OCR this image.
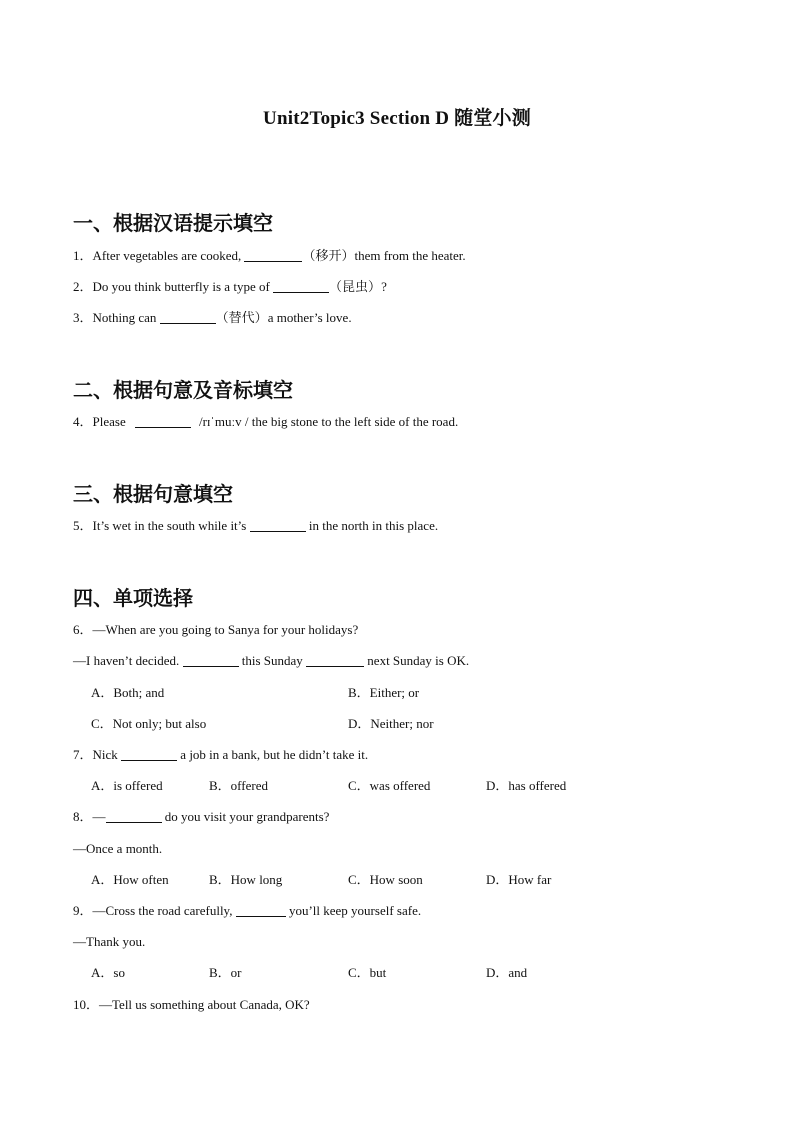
Unit2Topic3 Section D 随堂小测
一、根据汉语提示填空
1．After vegetables are cooked,	（移开）them from the heater.
2．Do you think butterfly is a type of	（昆虫）?
3．Nothing can	（替代）a mother’s love.
二、根据句意及音标填空
4．Please	/rɪˈmuːv / the big stone to the left side of the road.
三、根据句意填空
5．It’s wet in the south while it’s	in the north in this place.
四、单项选择
6．—When are you going to Sanya for your holidays?
—I haven’t decided.	this Sunday	next Sunday is OK.
A．Both; and	B．Either; or
C．Not only; but also	D．Neither; nor
7．Nick	a job in a bank, but he didn’t take it.
A．is offered	B．offered	C．was offered	D．has offered
8．—	do you visit your grandparents?
—Once a month.
A．How often	B．How long	C．How soon	D．How far
9．—Cross the road carefully,	you’ll keep yourself safe.
—Thank you.
A．so	B．or	C．but	D．and
10．—Tell us something about Canada, OK?
